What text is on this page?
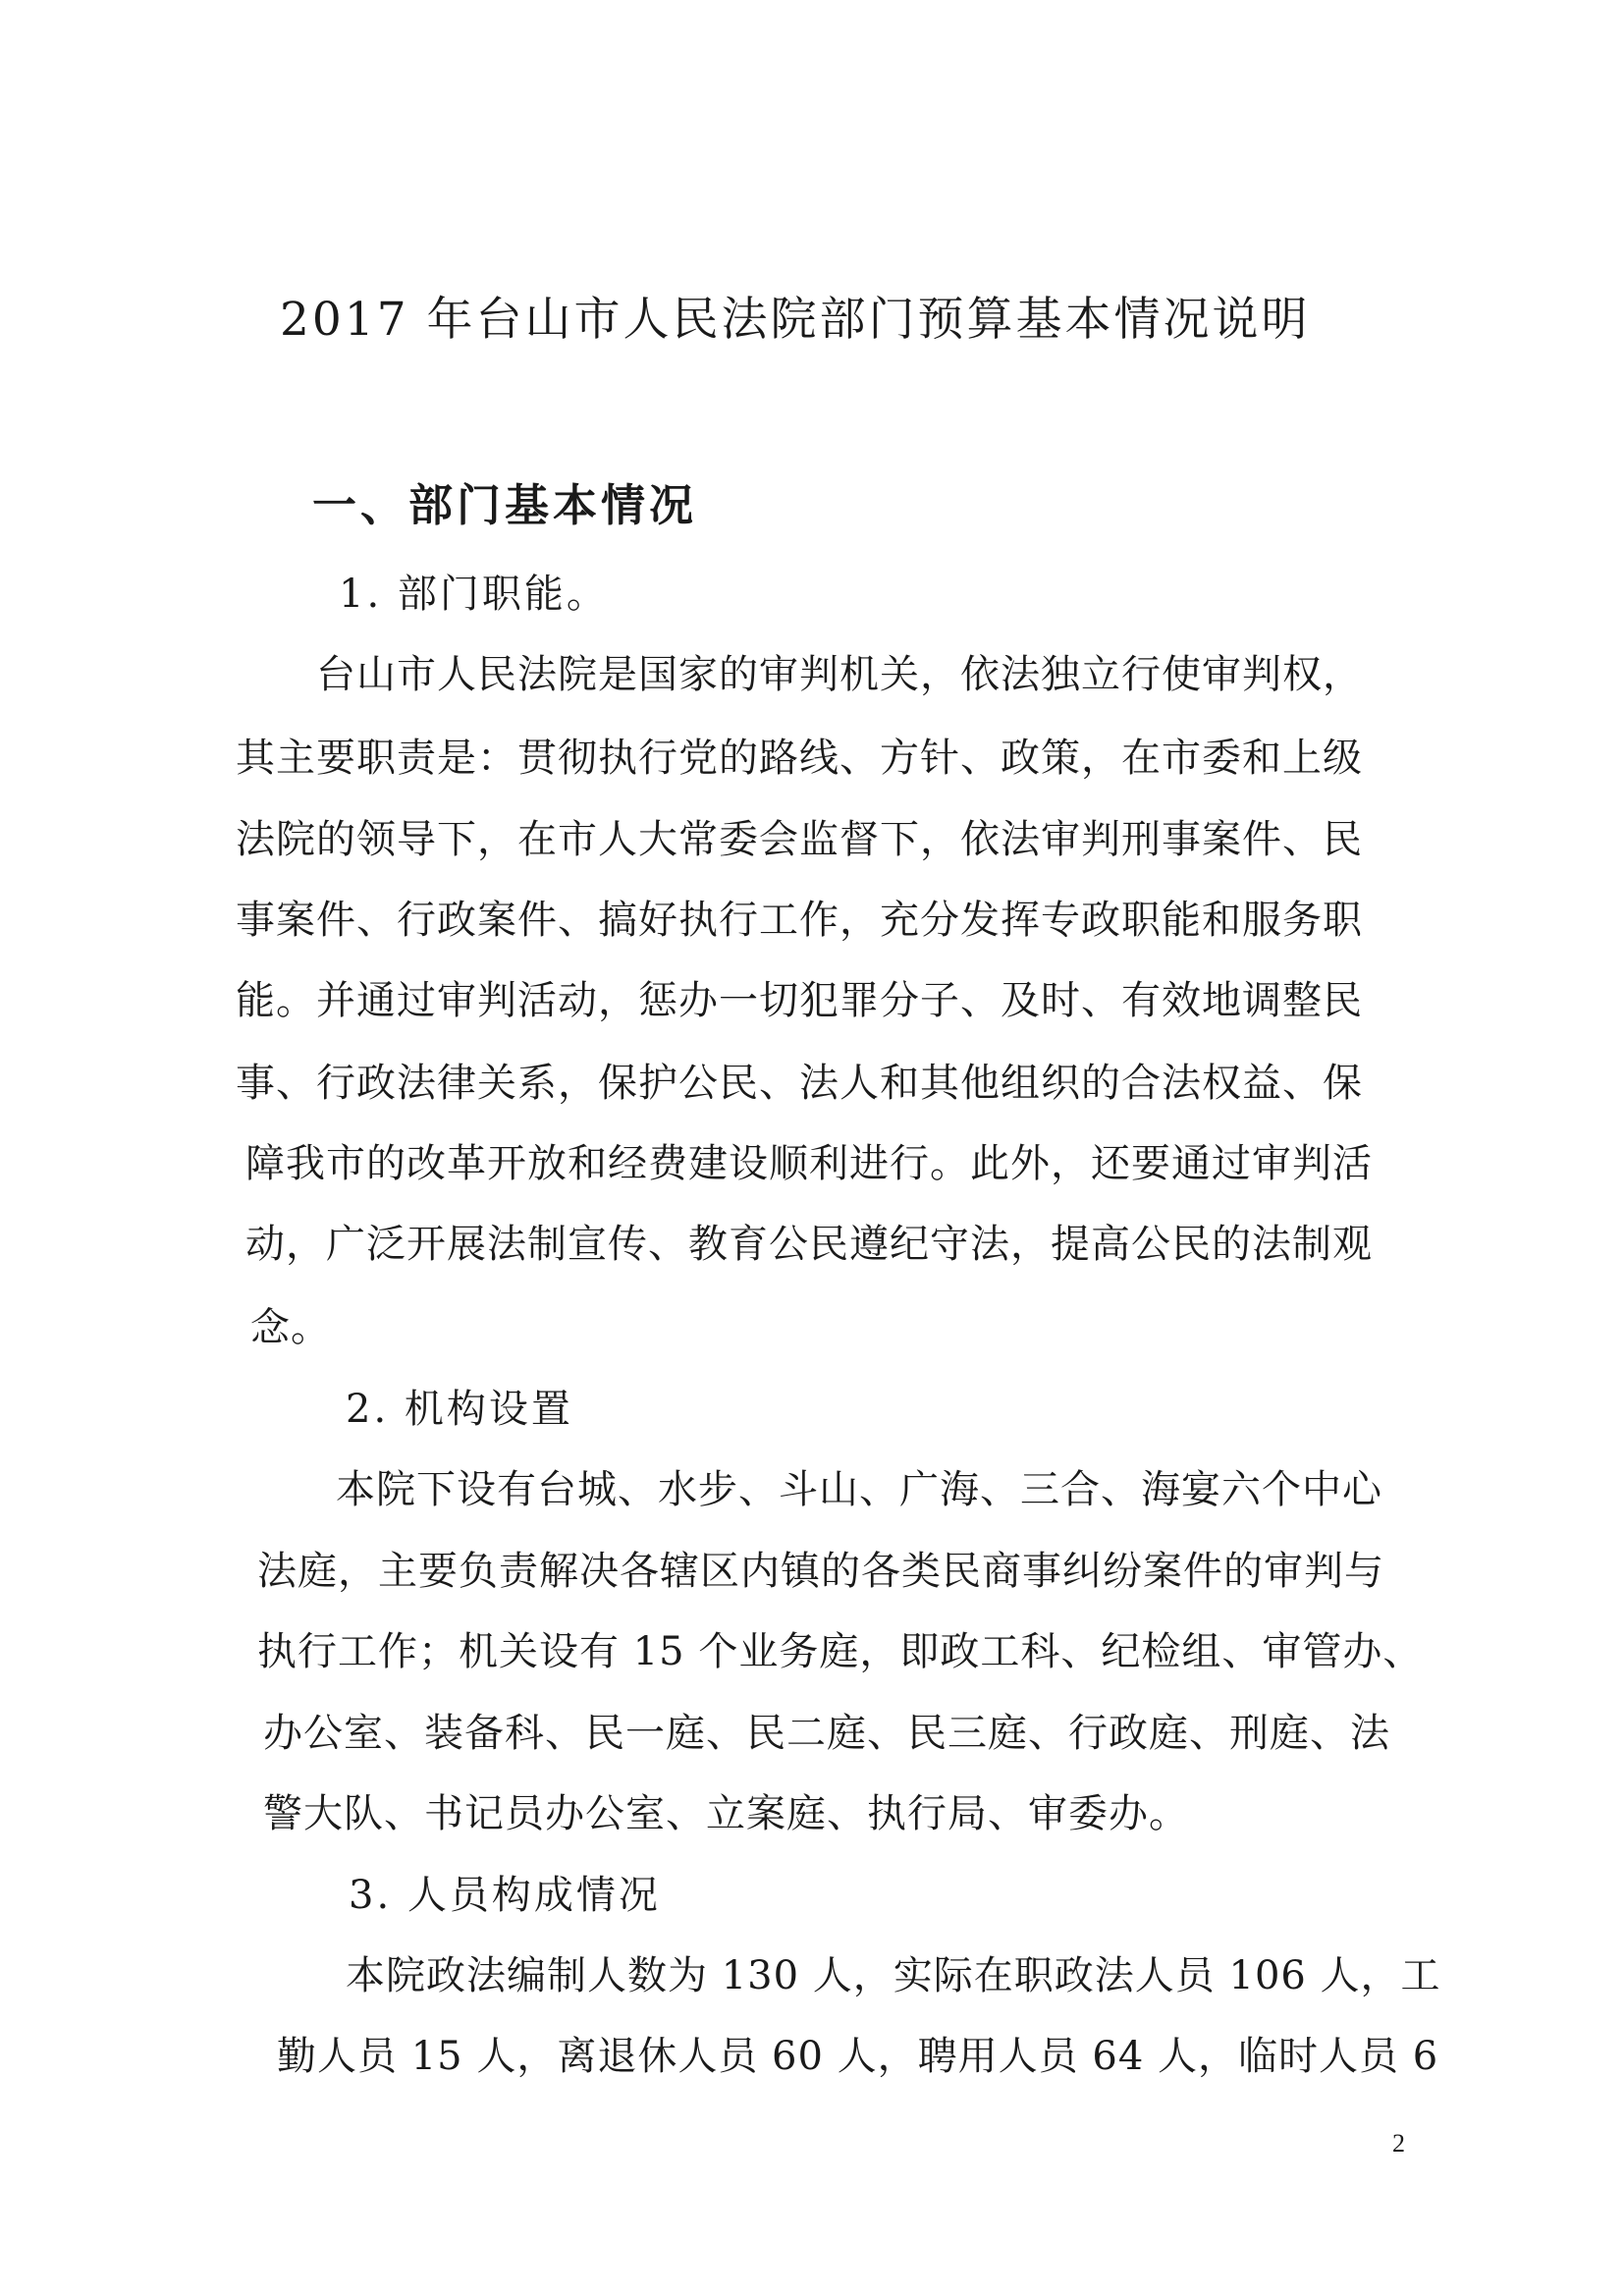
2017 年台山市人民法院部门预算基本情况说明
一、部门基本情况
1. 部门职能。
台山市人民法院是国家的审判机关，依法独立行使审判权，
其主要职责是：贯彻执行党的路线、方针、政策，在市委和上级
法院的领导下，在市人大常委会监督下，依法审判刑事案件、民
事案件、行政案件、搞好执行工作，充分发挥专政职能和服务职
能。并通过审判活动，惩办一切犯罪分子、及时、有效地调整民
事、行政法律关系，保护公民、法人和其他组织的合法权益、保
障我市的改革开放和经费建设顺利进行。此外，还要通过审判活
动，广泛开展法制宣传、教育公民遵纪守法，提高公民的法制观
念。
2. 机构设置
本院下设有台城、水步、斗山、广海、三合、海宴六个中心
法庭，主要负责解决各辖区内镇的各类民商事纠纷案件的审判与
执行工作；机关设有 15 个业务庭，即政工科、纪检组、审管办、
办公室、装备科、民一庭、民二庭、民三庭、行政庭、刑庭、法
警大队、书记员办公室、立案庭、执行局、审委办。
3. 人员构成情况
本院政法编制人数为 130 人，实际在职政法人员 106 人，工
勤人员 15 人，离退休人员 60 人，聘用人员 64 人，临时人员 6
2
